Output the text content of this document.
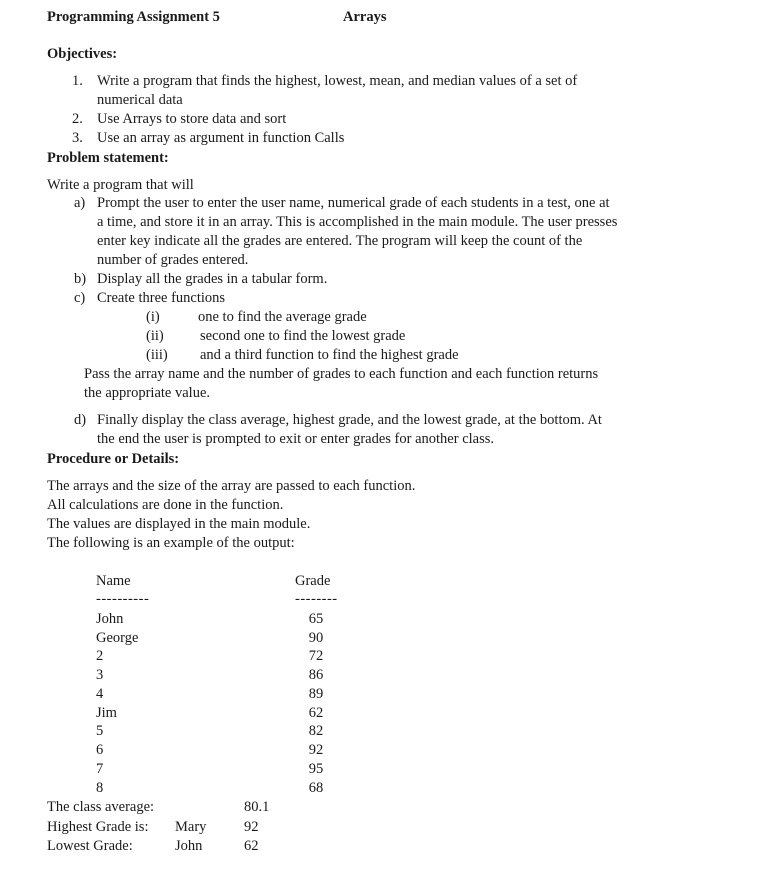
Programming Assignment 5	Arrays
Objectives:
1. Write a program that finds the highest, lowest, mean, and median values of a set of
numerical data
2. Use Arrays to store data and sort
3. Use an array as argument in function Calls
Problem statement:
Write a program that will
a) Prompt the user to enter the user name, numerical grade of each students in a test, one at
a time, and store it in an array. This is accomplished in the main module. The user presses
enter key indicate all the grades are entered. The program will keep the count of the
number of grades entered.
b) Display all the grades in a tabular form.
c) Create three functions
(i)	one to find the average grade
(ii)	second one to find the lowest grade
(iii) and a third function to find the highest grade
Pass the array name and the number of grades to each function and each function returns
the appropriate value.
d) Finally display the class average, highest grade, and the lowest grade, at the bottom. At
the end the user is prompted to exit or enter grades for another class.
Procedure or Details:
The arrays and the size of the array are passed to each function.
All calculations are done in the function.
The values are displayed in the main module.
The following is an example of the output:
Name	Grade
----------	--------
John	65
George	90
2	72
3	86
4	89
Jim	62
5	82
6	92
7	95
8	68
The class average:	80.1
Highest Grade is: Mary	92
Lowest Grade:	John	62
